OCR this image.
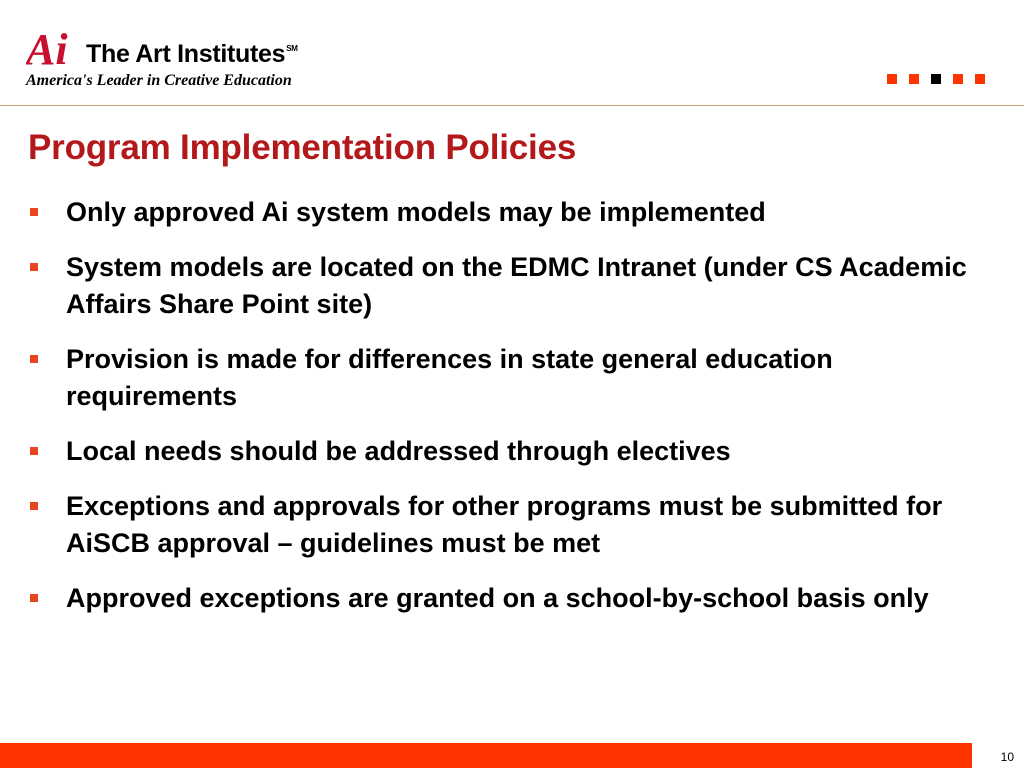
Ai The Art Institutes℠
America's Leader in Creative Education
Program Implementation Policies
Only approved Ai system models may be implemented
System models are located on the EDMC Intranet (under CS Academic Affairs Share Point site)
Provision is made for differences in state general education requirements
Local needs should be addressed through electives
Exceptions and approvals for other programs must be submitted for AiSCB approval – guidelines must be met
Approved exceptions are granted on a school-by-school basis only
10
